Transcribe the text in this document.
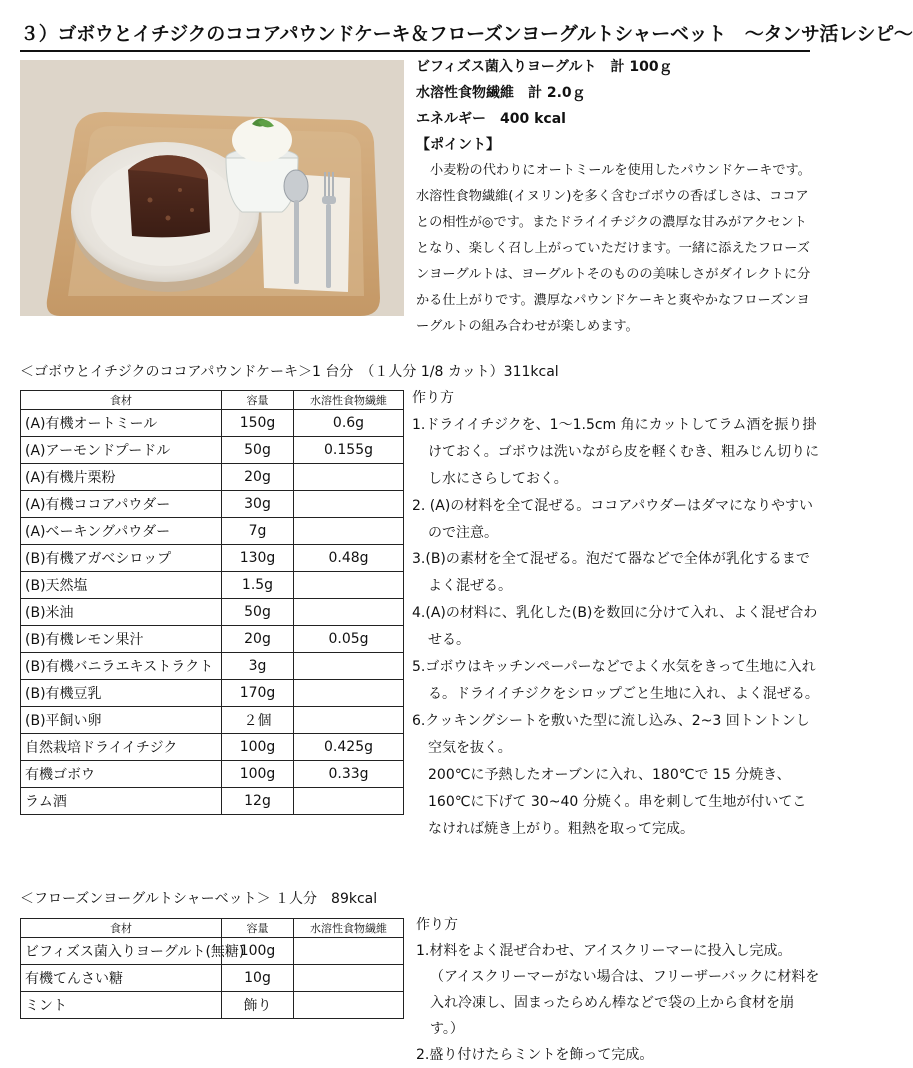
３）ゴボウとイチジクのココアパウンドケーキ＆フローズンヨーグルトシャーベット　～タンサ活レシピ～
ビフィズス菌入りヨーグルト　計 100ｇ
水溶性食物繊維　計 2.0ｇ
エネルギー　400 kcal
【ポイント】

小麦粉の代わりにオートミールを使用したパウンドケーキです。水溶性食物繊維(イヌリン)を多く含むゴボウの香ばしさは、ココアとの相性が◎です。またドライイチジクの濃厚な甘みがアクセントとなり、楽しく召し上がっていただけます。一緒に添えたフローズンヨーグルトは、ヨーグルトそのものの美味しさがダイレクトに分かる仕上がりです。濃厚なパウンドケーキと爽やかなフローズンヨーグルトの組み合わせが楽しめます。

＜ゴボウとイチジクのココアパウンドケーキ＞1 台分　（１人分 1/8 カット）311kcal
食材	容量	水溶性食物繊維
(A)有機オートミール	150g	0.6g
(A)アーモンドプードル	50g	0.155g
(A)有機片栗粉	20g	
(A)有機ココアパウダー	30g	
(A)ベーキングパウダー	7g	
(B)有機アガベシロップ	130g	0.48g
(B)天然塩	1.5g	
(B)米油	50g	
(B)有機レモン果汁	20g	0.05g
(B)有機バニラエキストラクト	3g	
(B)有機豆乳	170g	
(B)平飼い卵	２個	
自然栽培ドライイチジク	100g	0.425g
有機ゴボウ	100g	0.33g
ラム酒	12g	
作り方
1.ドライイチジクを、1～1.5cm 角にカットしてラム酒を振り掛けておく。ゴボウは洗いながら皮を軽くむき、粗みじん切りにし水にさらしておく。
2. (A)の材料を全て混ぜる。ココアパウダーはダマになりやすいので注意。
3.(B)の素材を全て混ぜる。泡だて器などで全体が乳化するまでよく混ぜる。
4.(A)の材料に、乳化した(B)を数回に分けて入れ、よく混ぜ合わせる。
5.ゴボウはキッチンペーパーなどでよく水気をきって生地に入れる。ドライイチジクをシロップごと生地に入れ、よく混ぜる。
6.クッキングシートを敷いた型に流し込み、2~3 回トントンし空気を抜く。
200℃に予熱したオーブンに入れ、180℃で 15 分焼き、160℃に下げて 30~40 分焼く。串を刺して生地が付いてこなければ焼き上がり。粗熱を取って完成。
＜フローズンヨーグルトシャーベット＞ １人分　89kcal
食材	容量	水溶性食物繊維
ビフィズス菌入りヨーグルト(無糖)	100g	
有機てんさい糖	10g	
ミント	飾り	
作り方
1.材料をよく混ぜ合わせ、アイスクリーマーに投入し完成。
（アイスクリーマーがない場合は、フリーザーバックに材料を入れ冷凍し、固まったらめん棒などで袋の上から食材を崩す。）
2.盛り付けたらミントを飾って完成。
